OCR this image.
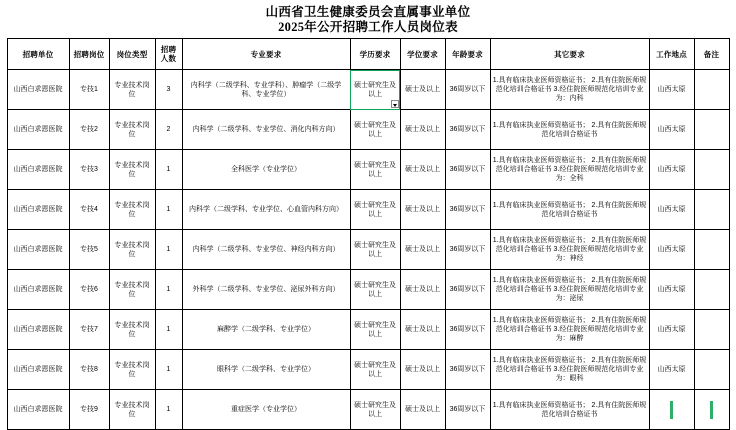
山西省卫生健康委员会直属事业单位
2025年公开招聘工作人员岗位表
招聘单位	招聘岗位	岗位类型	招聘人数	专业要求	学历要求	学位要求	年龄要求	其它要求	工作地点	备注
山西白求恩医院	专技1	专业技术岗位	3	内科学（二级学科、专业学科）、肿瘤学（二级学科、专业学位）	硕士研究生及以上	硕士及以上	36周岁以下	1.具有临床执业医师资格证书； 2.具有住院医师规范化培训合格证书 3.经住院医师规范化培训专业为：内科	山西太原	
山西白求恩医院	专技2	专业技术岗位	2	内科学（二级学科、专业学位、消化内科方向）	硕士研究生及以上	硕士及以上	36周岁以下	1.具有临床执业医师资格证书； 2.具有住院医师规范化培训合格证书	山西太原	
山西白求恩医院	专技3	专业技术岗位	1	全科医学（专业学位）	硕士研究生及以上	硕士及以上	36周岁以下	1.具有临床执业医师资格证书； 2.具有住院医师规范化培训合格证书 3.经住院医师规范化培训专业为：全科	山西太原	
山西白求恩医院	专技4	专业技术岗位	1	内科学（二级学科、专业学位、心血管内科方向）	硕士研究生及以上	硕士及以上	36周岁以下	1.具有临床执业医师资格证书； 2.具有住院医师规范化培训合格证书	山西太原	
山西白求恩医院	专技5	专业技术岗位	1	内科学（二级学科、专业学位、神经内科方向）	硕士研究生及以上	硕士及以上	36周岁以下	1.具有临床执业医师资格证书； 2.具有住院医师规范化培训合格证书 3.经住院医师规范化培训专业为：神经	山西太原	
山西白求恩医院	专技6	专业技术岗位	1	外科学（二级学科、专业学位、泌尿外科方向）	硕士研究生及以上	硕士及以上	36周岁以下	1.具有临床执业医师资格证书； 2.具有住院医师规范化培训合格证书 3.经住院医师规范化培训专业为：泌尿	山西太原	
山西白求恩医院	专技7	专业技术岗位	1	麻醉学（二级学科、专业学位）	硕士研究生及以上	硕士及以上	36周岁以下	1.具有临床执业医师资格证书； 2.具有住院医师规范化培训合格证书 3.经住院医师规范化培训专业为：麻醉	山西太原	
山西白求恩医院	专技8	专业技术岗位	1	眼科学（二级学科、专业学位）	硕士研究生及以上	硕士及以上	36周岁以下	1.具有临床执业医师资格证书； 2.具有住院医师规范化培训合格证书 3.经住院医师规范化培训专业为：眼科	山西太原	
山西白求恩医院	专技9	专业技术岗位	1	重症医学（专业学位）	硕士研究生及以上	硕士及以上	36周岁以下	1.具有临床执业医师资格证书； 2.具有住院医师规范化培训合格证书	
